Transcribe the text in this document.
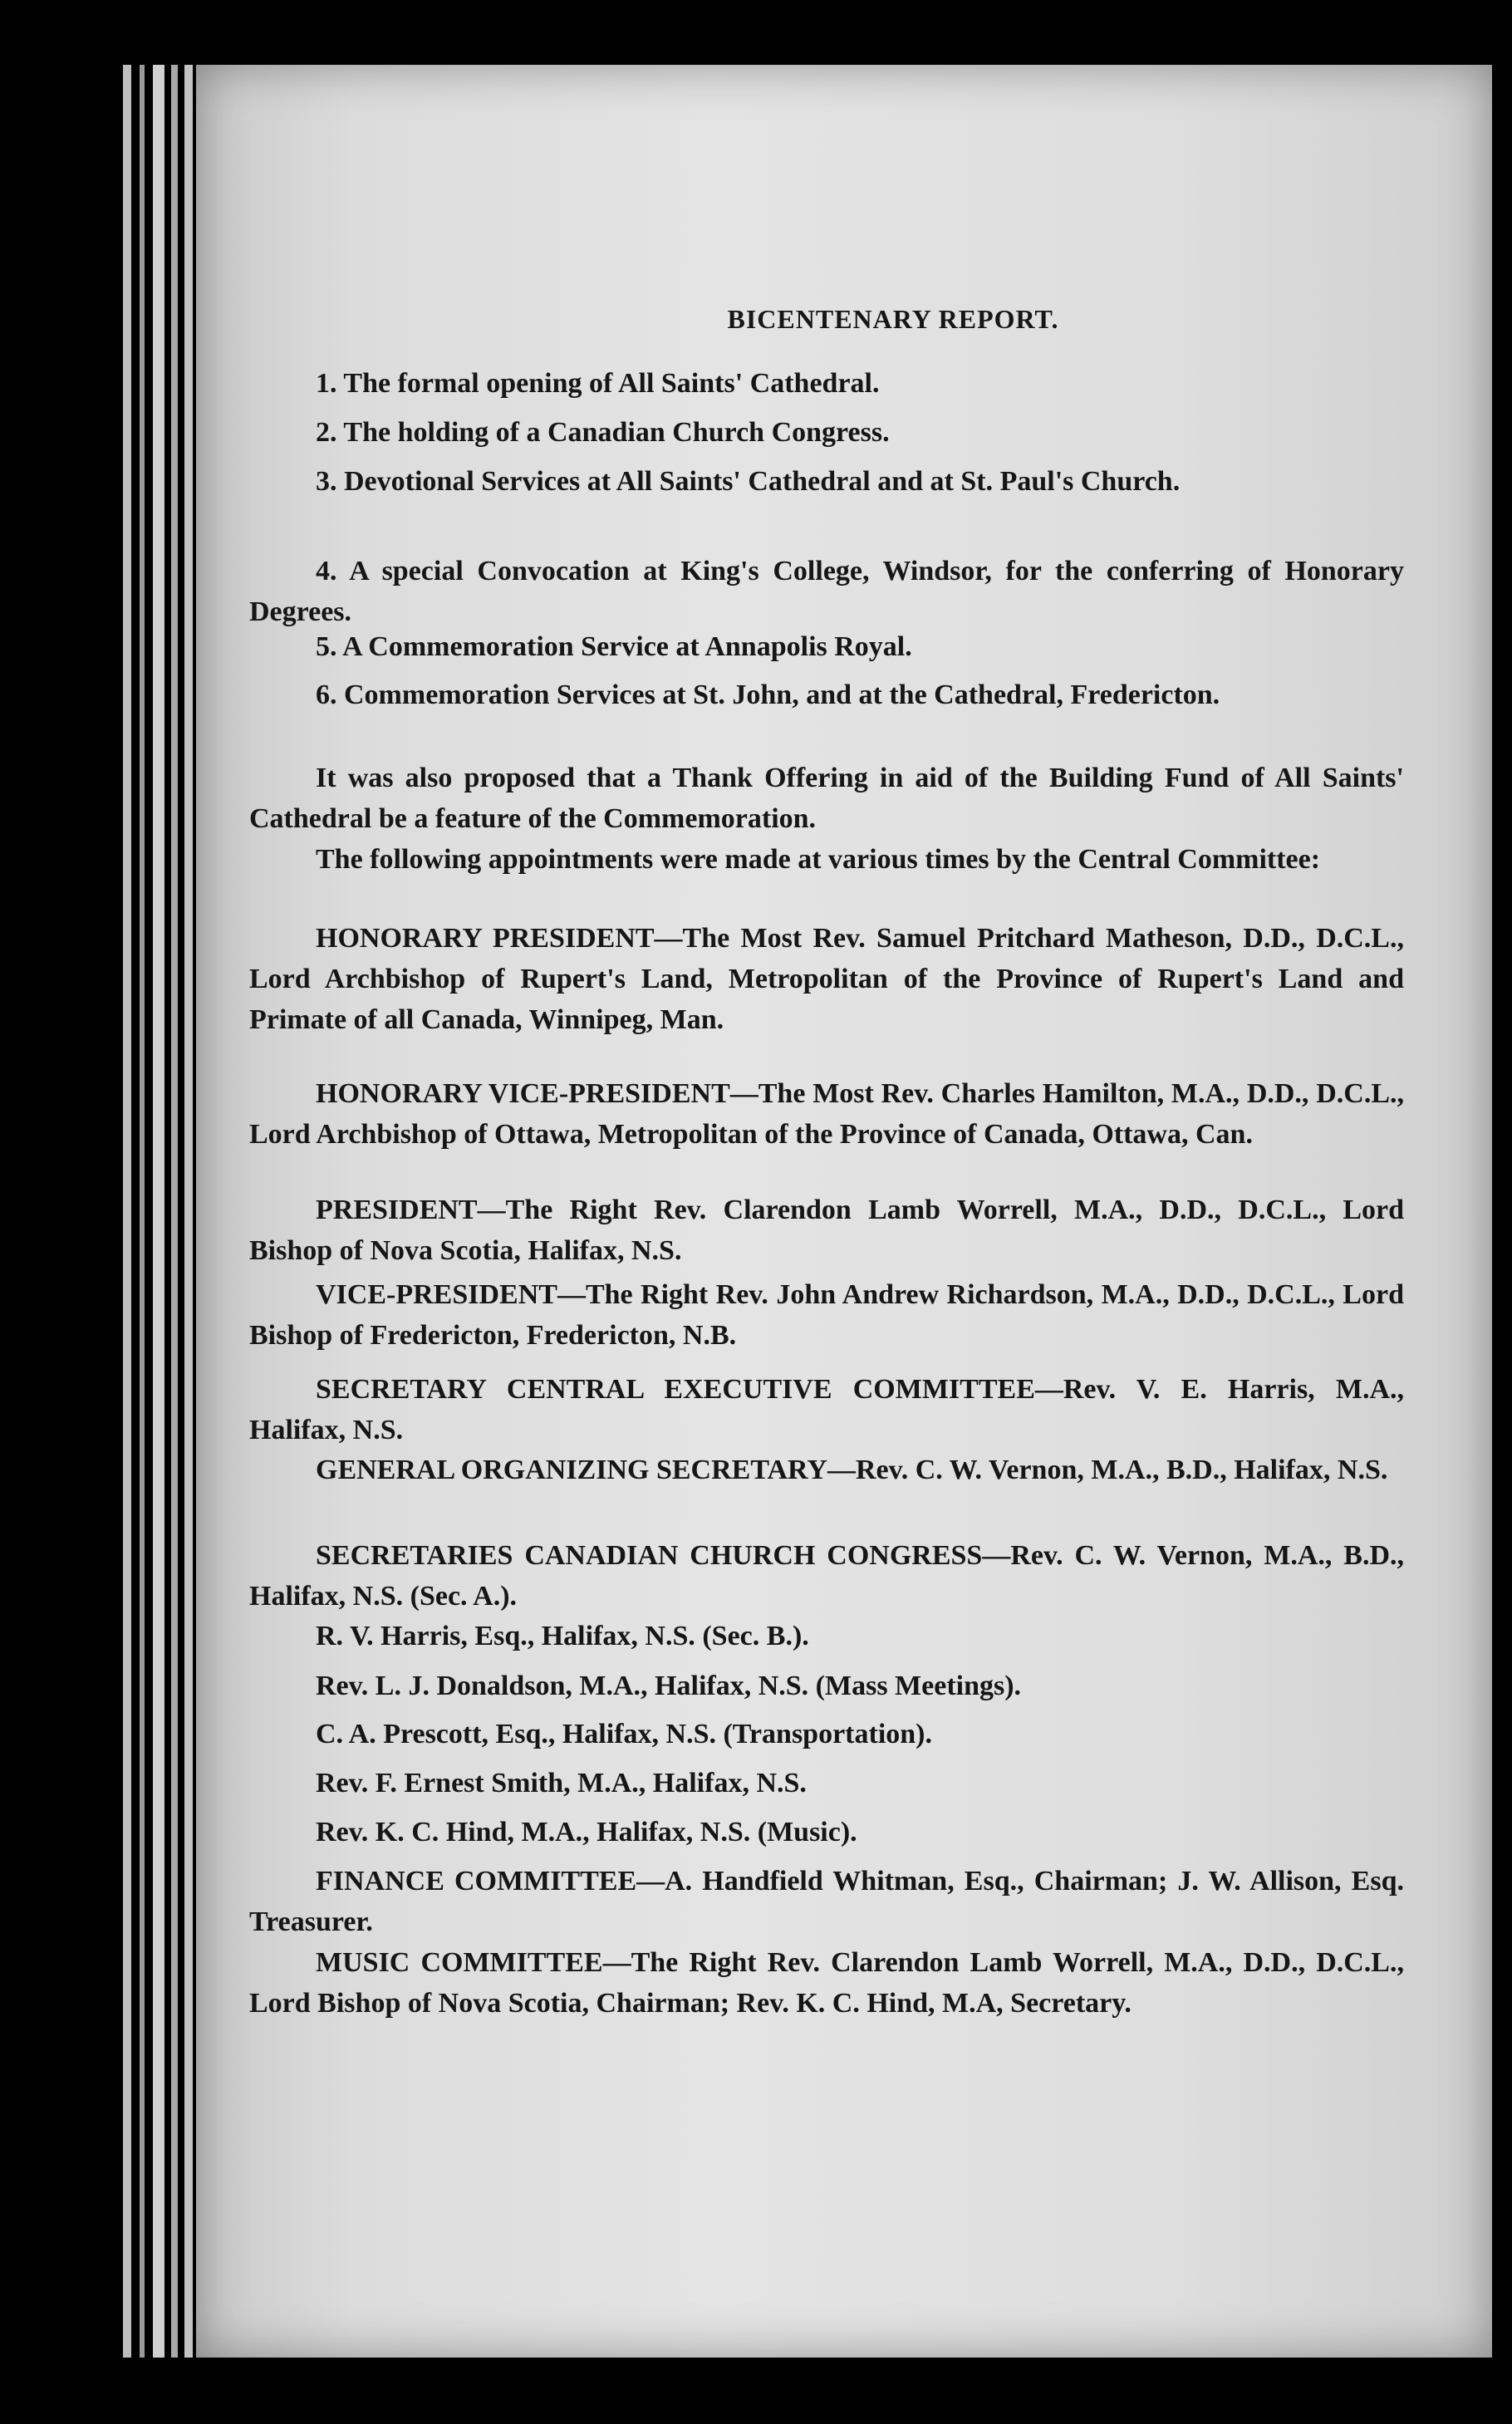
BICENTENARY REPORT.

1. The formal opening of All Saints' Cathedral.

2. The holding of a Canadian Church Congress.

3. Devotional Services at All Saints' Cathedral and at St. Paul's Church.

4. A special Convocation at King's College, Windsor, for the conferring of Honorary Degrees.

5. A Commemoration Service at Annapolis Royal.

6. Commemoration Services at St. John, and at the Cathedral, Fredericton.

It was also proposed that a Thank Offering in aid of the Building Fund of All Saints' Cathedral be a feature of the Commemoration.

The following appointments were made at various times by the Central Committee:

HONORARY PRESIDENT—The Most Rev. Samuel Pritchard Matheson, D.D., D.C.L., Lord Archbishop of Rupert's Land, Metropolitan of the Province of Rupert's Land and Primate of all Canada, Winnipeg, Man.

HONORARY VICE-PRESIDENT—The Most Rev. Charles Hamilton, M.A., D.D., D.C.L., Lord Archbishop of Ottawa, Metropolitan of the Province of Canada, Ottawa, Can.

PRESIDENT—The Right Rev. Clarendon Lamb Worrell, M.A., D.D., D.C.L., Lord Bishop of Nova Scotia, Halifax, N.S.

VICE-PRESIDENT—The Right Rev. John Andrew Richardson, M.A., D.D., D.C.L., Lord Bishop of Fredericton, Fredericton, N.B.

SECRETARY CENTRAL EXECUTIVE COMMITTEE—Rev. V. E. Harris, M.A., Halifax, N.S.

GENERAL ORGANIZING SECRETARY—Rev. C. W. Vernon, M.A., B.D., Halifax, N.S.

SECRETARIES CANADIAN CHURCH CONGRESS—Rev. C. W. Vernon, M.A., B.D., Halifax, N.S. (Sec. A.).

R. V. Harris, Esq., Halifax, N.S. (Sec. B.).

Rev. L. J. Donaldson, M.A., Halifax, N.S. (Mass Meetings).

C. A. Prescott, Esq., Halifax, N.S. (Transportation).

Rev. F. Ernest Smith, M.A., Halifax, N.S.

Rev. K. C. Hind, M.A., Halifax, N.S. (Music).

FINANCE COMMITTEE—A. Handfield Whitman, Esq., Chairman; J. W. Allison, Esq. Treasurer.

MUSIC COMMITTEE—The Right Rev. Clarendon Lamb Worrell, M.A., D.D., D.C.L., Lord Bishop of Nova Scotia, Chairman; Rev. K. C. Hind, M.A, Secretary.
